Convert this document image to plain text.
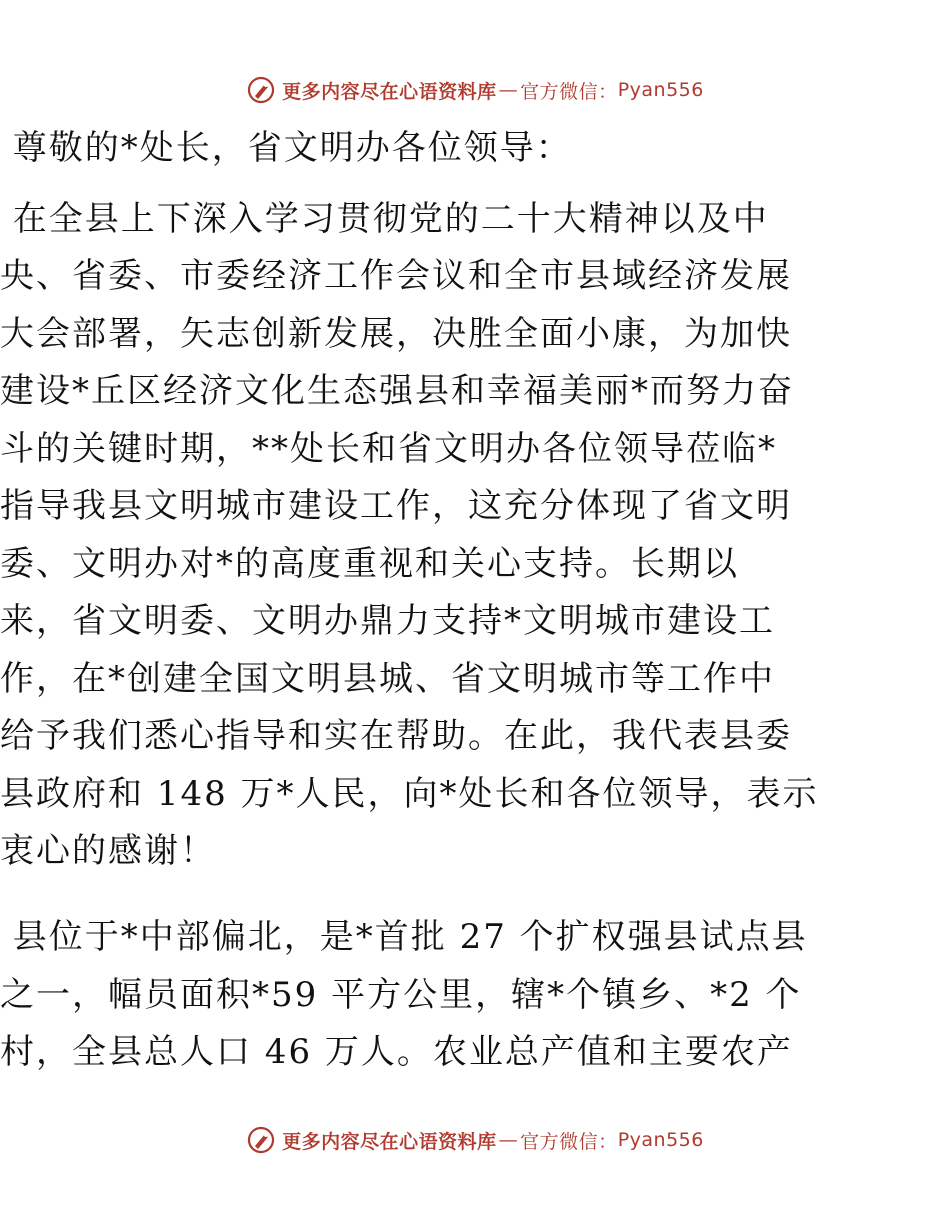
更多内容尽在心语资料库 — 官方微信： Pyan556
尊敬的*处长，省文明办各位领导：
在全县上下深入学习贯彻党的二十大精神以及中
央、省委、市委经济工作会议和全市县域经济发展
大会部署，矢志创新发展，决胜全面小康，为加快
建设*丘区经济文化生态强县和幸福美丽*而努力奋
斗的关键时期，**处长和省文明办各位领导莅临*
指导我县文明城市建设工作，这充分体现了省文明
委、文明办对*的高度重视和关心支持。长期以
来，省文明委、文明办鼎力支持*文明城市建设工
作，在*创建全国文明县城、省文明城市等工作中
给予我们悉心指导和实在帮助。在此，我代表县委
县政府和 148 万*人民，向*处长和各位领导，表示
衷心的感谢！
县位于*中部偏北，是*首批 27 个扩权强县试点县
之一，幅员面积*59 平方公里，辖*个镇乡、*2 个
村，全县总人口 46 万人。农业总产值和主要农产
更多内容尽在心语资料库 — 官方微信： Pyan556
